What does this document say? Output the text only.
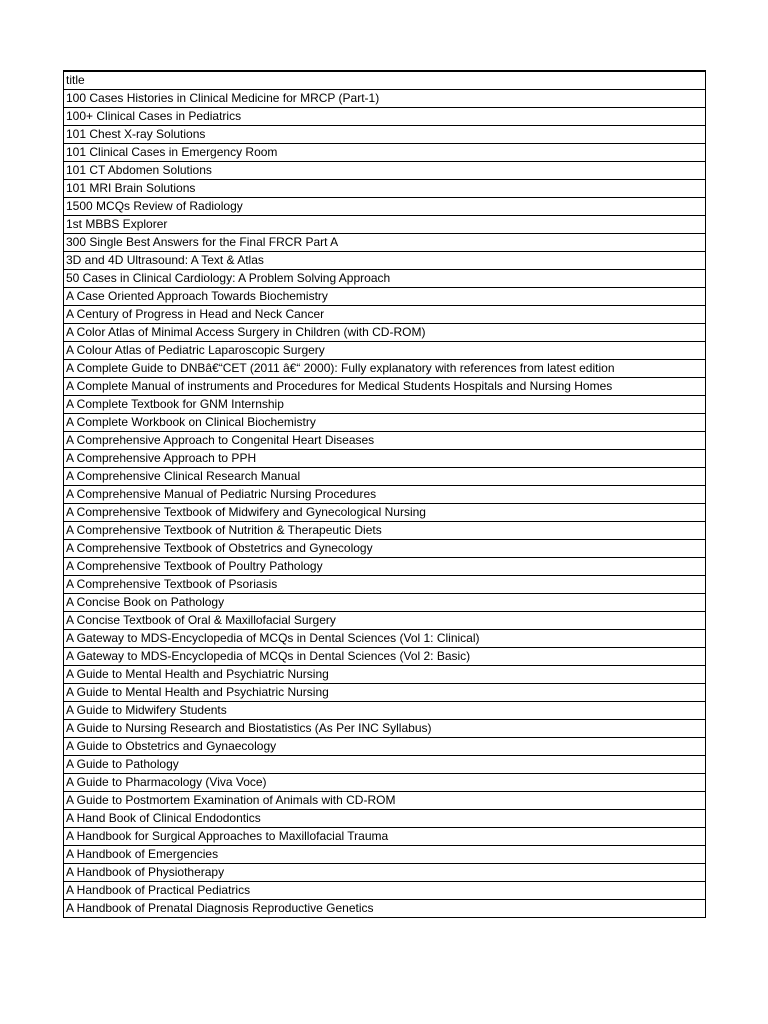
title
100 Cases Histories in Clinical Medicine for MRCP (Part-1)
100+ Clinical Cases in Pediatrics
101 Chest X-ray Solutions
101 Clinical Cases in Emergency Room
101 CT Abdomen Solutions
101 MRI Brain Solutions
1500 MCQs Review of Radiology
1st MBBS Explorer
300 Single Best Answers for the Final FRCR Part A
3D and 4D Ultrasound: A Text & Atlas
50 Cases in Clinical Cardiology: A Problem Solving Approach
A Case Oriented Approach Towards Biochemistry
A Century of Progress in Head and Neck Cancer
A Color Atlas of Minimal Access Surgery in Children (with CD-ROM)
A Colour Atlas of Pediatric Laparoscopic Surgery
A Complete Guide to DNBâ€“CET (2011 â€“ 2000): Fully explanatory with references from latest edition
A Complete Manual of instruments and Procedures for Medical Students Hospitals and Nursing Homes
A Complete Textbook for GNM Internship
A Complete Workbook on Clinical Biochemistry
A Comprehensive Approach to Congenital Heart Diseases
A Comprehensive Approach to PPH
A Comprehensive Clinical Research Manual
A Comprehensive Manual of Pediatric Nursing Procedures
A Comprehensive Textbook of Midwifery and Gynecological Nursing
A Comprehensive Textbook of Nutrition & Therapeutic Diets
A Comprehensive Textbook of Obstetrics and Gynecology
A Comprehensive Textbook of Poultry Pathology
A Comprehensive Textbook of Psoriasis
A Concise Book on Pathology
A Concise Textbook of Oral & Maxillofacial Surgery
A Gateway to MDS-Encyclopedia of MCQs in Dental Sciences (Vol 1: Clinical)
A Gateway to MDS-Encyclopedia of MCQs in Dental Sciences (Vol 2: Basic)
A Guide to Mental Health and Psychiatric Nursing
A Guide to Mental Health and Psychiatric Nursing
A Guide to Midwifery Students
A Guide to Nursing Research and Biostatistics (As Per INC Syllabus)
A Guide to Obstetrics and Gynaecology
A Guide to Pathology
A Guide to Pharmacology (Viva Voce)
A Guide to Postmortem Examination of Animals with CD-ROM
A Hand Book of Clinical Endodontics
A Handbook for Surgical Approaches to Maxillofacial Trauma
A Handbook of Emergencies
A Handbook of Physiotherapy
A Handbook of Practical Pediatrics
A Handbook of Prenatal Diagnosis Reproductive Genetics
